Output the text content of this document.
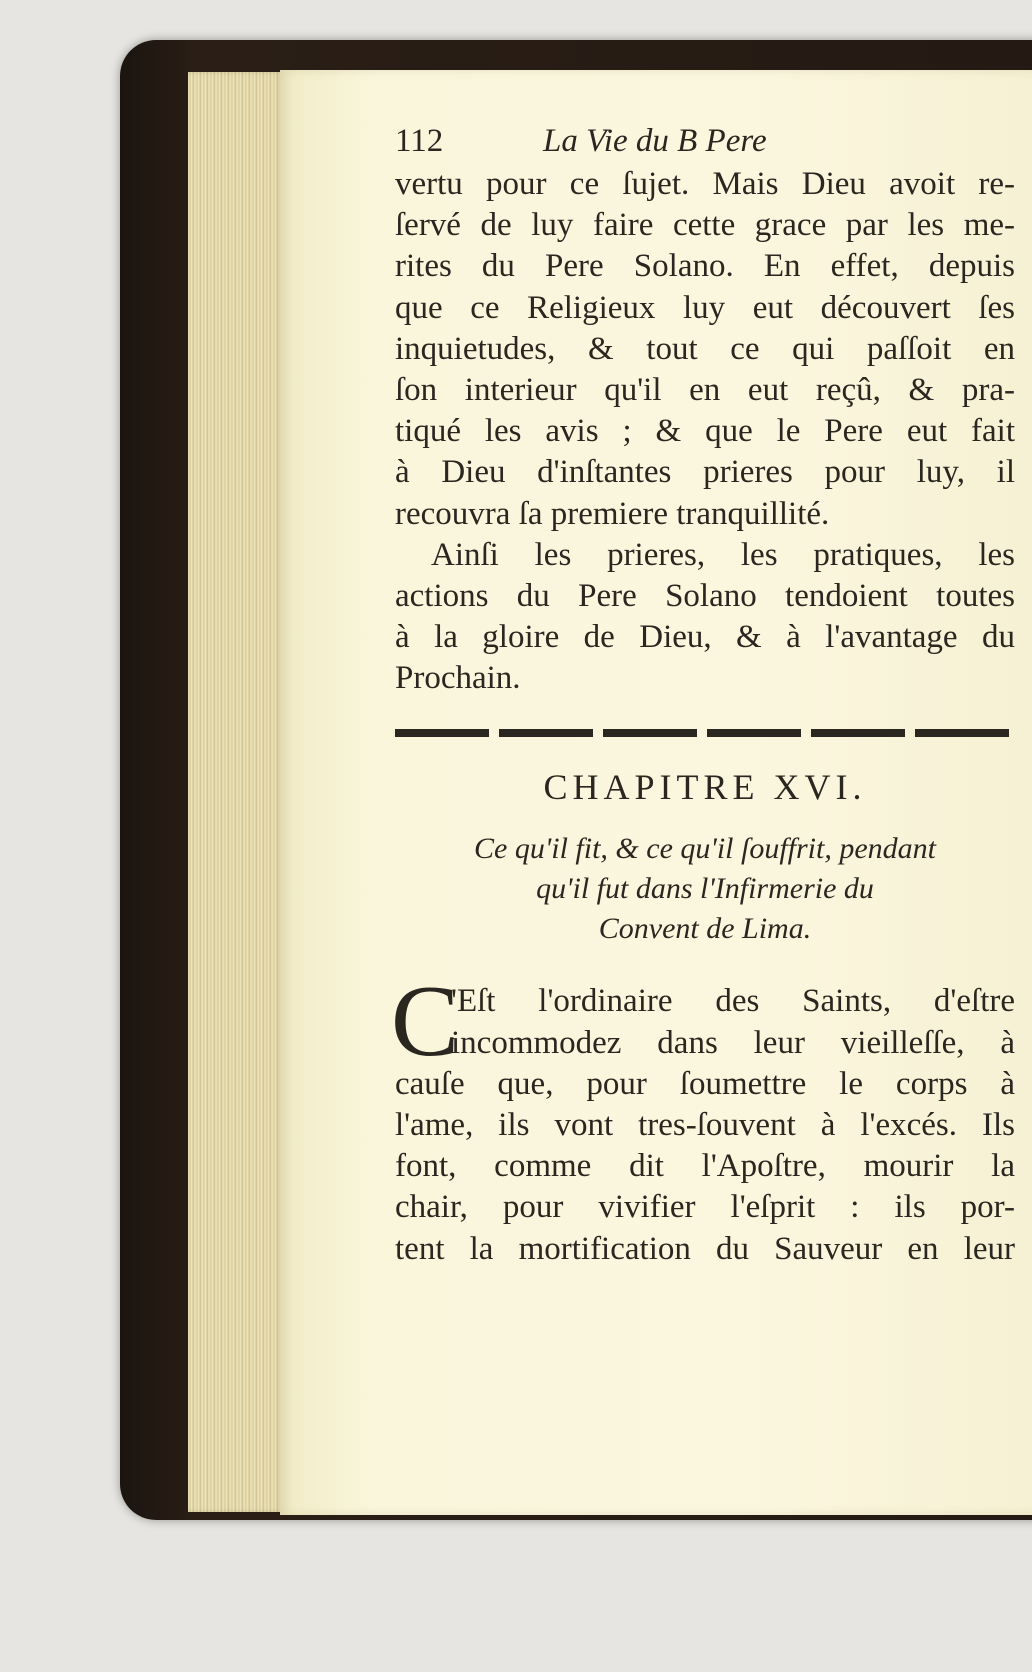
112	La Vie du B Pere
vertu pour ce ſujet. Mais Dieu avoit re-
ſervé de luy faire cette grace par les me-
rites du Pere Solano. En effet, depuis
que ce Religieux luy eut découvert ſes
inquietudes, & tout ce qui paſſoit en
ſon interieur qu'il en eut reçû, & pra-
tiqué les avis ; & que le Pere eut fait
à Dieu d'inſtantes prieres pour luy, il
recouvra ſa premiere tranquillité.
Ainſi les prieres, les pratiques, les
actions du Pere Solano tendoient toutes
à la gloire de Dieu, & à l'avantage du
Prochain.
CHAPITRE XVI.
Ce qu'il fit, & ce qu'il ſouffrit, pendant
qu'il fut dans l'Infirmerie du
Convent de Lima.
C
'Eſt l'ordinaire des Saints, d'eſtre
incommodez dans leur vieilleſſe, à
cauſe que, pour ſoumettre le corps à
l'ame, ils vont tres-ſouvent à l'excés. Ils
font, comme dit l'Apoſtre, mourir la
chair, pour vivifier l'eſprit : ils por-
tent la mortification du Sauveur en leur
